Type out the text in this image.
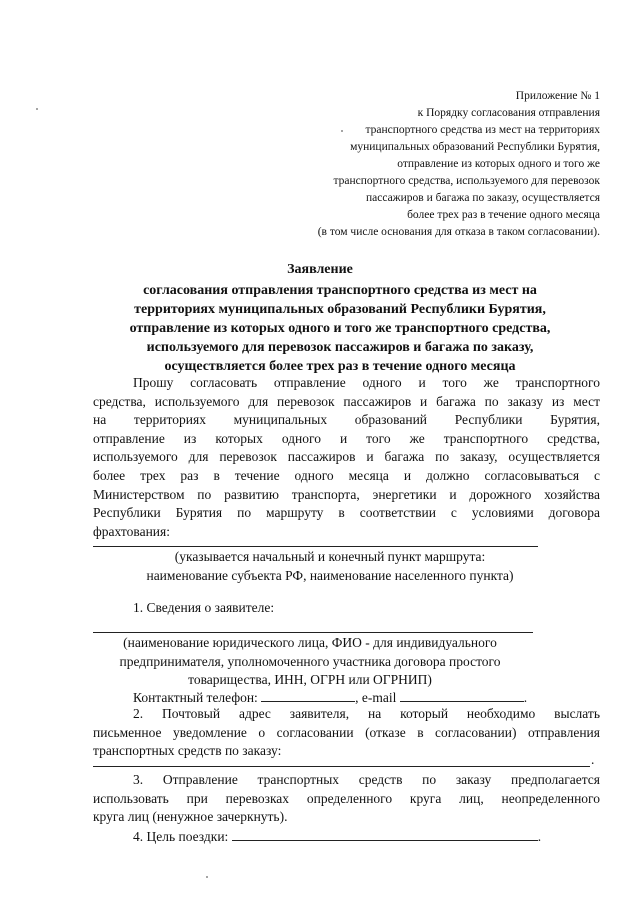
Приложение № 1
к Порядку согласования отправления
транспортного средства из мест на территориях
муниципальных образований Республики Бурятия,
отправление из которых одного и того же
транспортного средства, используемого для перевозок
пассажиров и багажа по заказу, осуществляется
более трех раз в течение одного месяца
(в том числе основания для отказа в таком согласовании).
Заявление
согласования отправления транспортного средства из мест на
территориях муниципальных образований Республики Бурятия,
отправление из которых одного и того же транспортного средства,
используемого для перевозок пассажиров и багажа по заказу,
осуществляется более трех раз в течение одного месяца
Прошу согласовать отправление одного и того же транспортного
средства, используемого для перевозок пассажиров и багажа по заказу из мест
на территориях муниципальных образований Республики Бурятия,
отправление из которых одного и того же транспортного средства,
используемого для перевозок пассажиров и багажа по заказу, осуществляется
более трех раз в течение одного месяца и должно согласовываться с
Министерством по развитию транспорта, энергетики и дорожного хозяйства
Республики Бурятия по маршруту в соответствии с условиями договора
фрахтования:
(указывается начальный и конечный пункт маршрута:
наименование субъекта РФ, наименование населенного пункта)
1. Сведения о заявителе:
(наименование юридического лица, ФИО - для индивидуального
предпринимателя, уполномоченного участника договора простого
товарищества, ИНН, ОГРН или ОГРНИП)
Контактный телефон:	, e-mail	.
2. Почтовый адрес заявителя, на который необходимо выслать
письменное уведомление о согласовании (отказе в согласовании) отправления
транспортных средств по заказу:
.
3. Отправление транспортных средств по заказу предполагается
использовать при перевозках определенного круга лиц, неопределенного
круга лиц (ненужное зачеркнуть).
4. Цель поездки:	.
